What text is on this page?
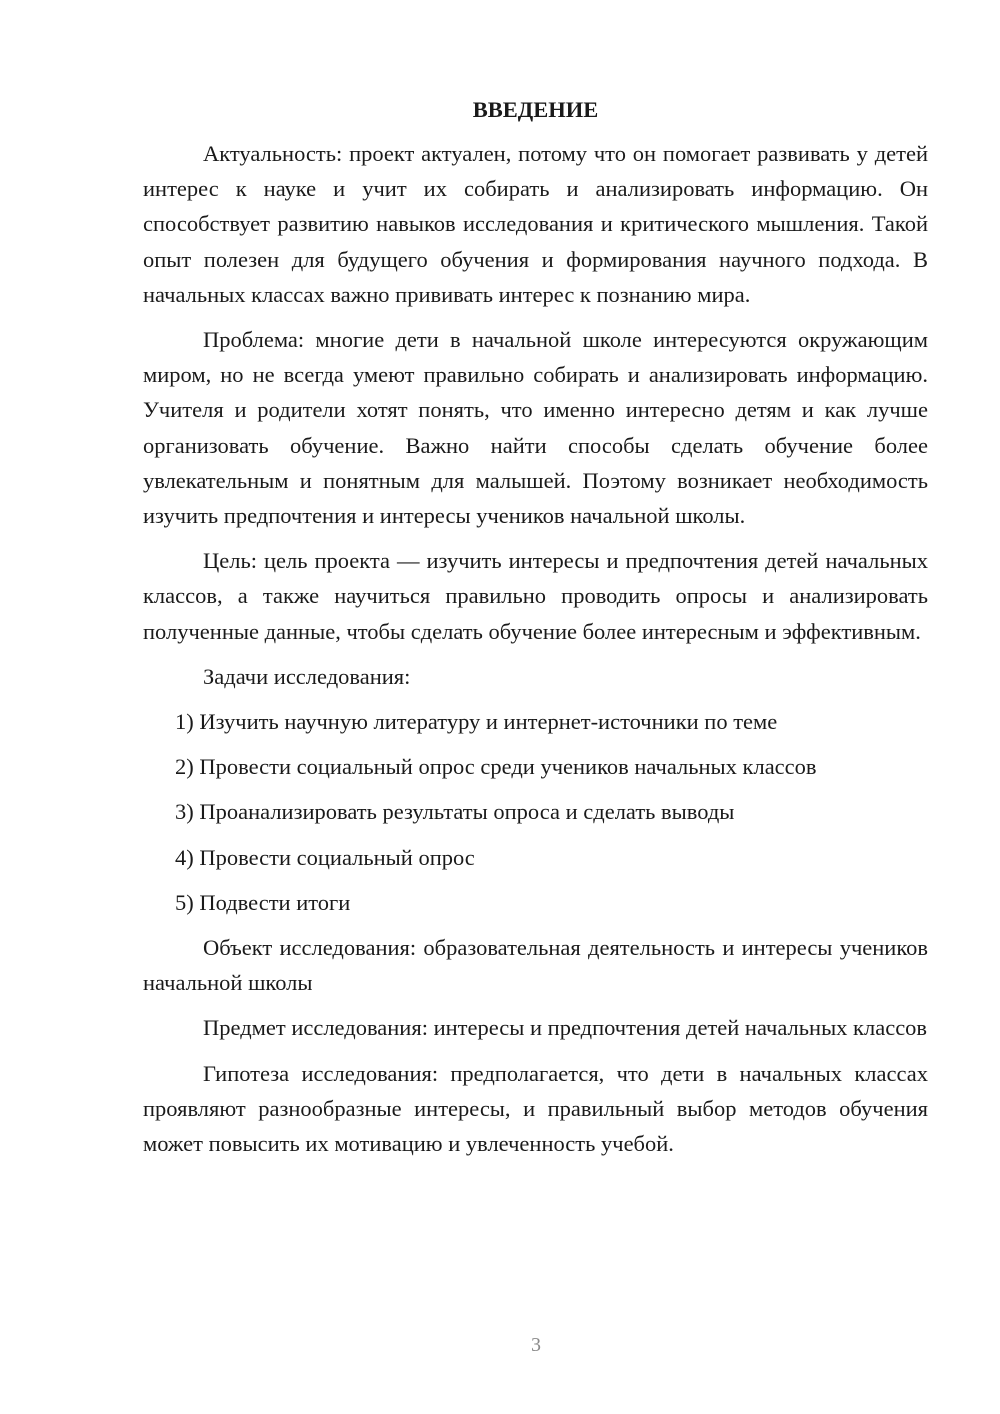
ВВЕДЕНИЕ

Актуальность: проект актуален, потому что он помогает развивать у детей интерес к науке и учит их собирать и анализировать информацию. Он способствует развитию навыков исследования и критического мышления. Такой опыт полезен для будущего обучения и формирования научного подхода. В начальных классах важно прививать интерес к познанию мира.

Проблема: многие дети в начальной школе интересуются окружающим миром, но не всегда умеют правильно собирать и анализировать информацию. Учителя и родители хотят понять, что именно интересно детям и как лучше организовать обучение. Важно найти способы сделать обучение более увлекательным и понятным для малышей. Поэтому возникает необходимость изучить предпочтения и интересы учеников начальной школы.

Цель: цель проекта — изучить интересы и предпочтения детей начальных классов, а также научиться правильно проводить опросы и анализировать полученные данные, чтобы сделать обучение более интересным и эффективным.

Задачи исследования:
1) Изучить научную литературу и интернет-источники по теме
2) Провести социальный опрос среди учеников начальных классов
3) Проанализировать результаты опроса и сделать выводы
4) Провести социальный опрос
5) Подвести итоги

Объект исследования: образовательная деятельность и интересы учеников начальной школы

Предмет исследования: интересы и предпочтения детей начальных классов

Гипотеза исследования: предполагается, что дети в начальных классах проявляют разнообразные интересы, и правильный выбор методов обучения может повысить их мотивацию и увлеченность учебой.

3
